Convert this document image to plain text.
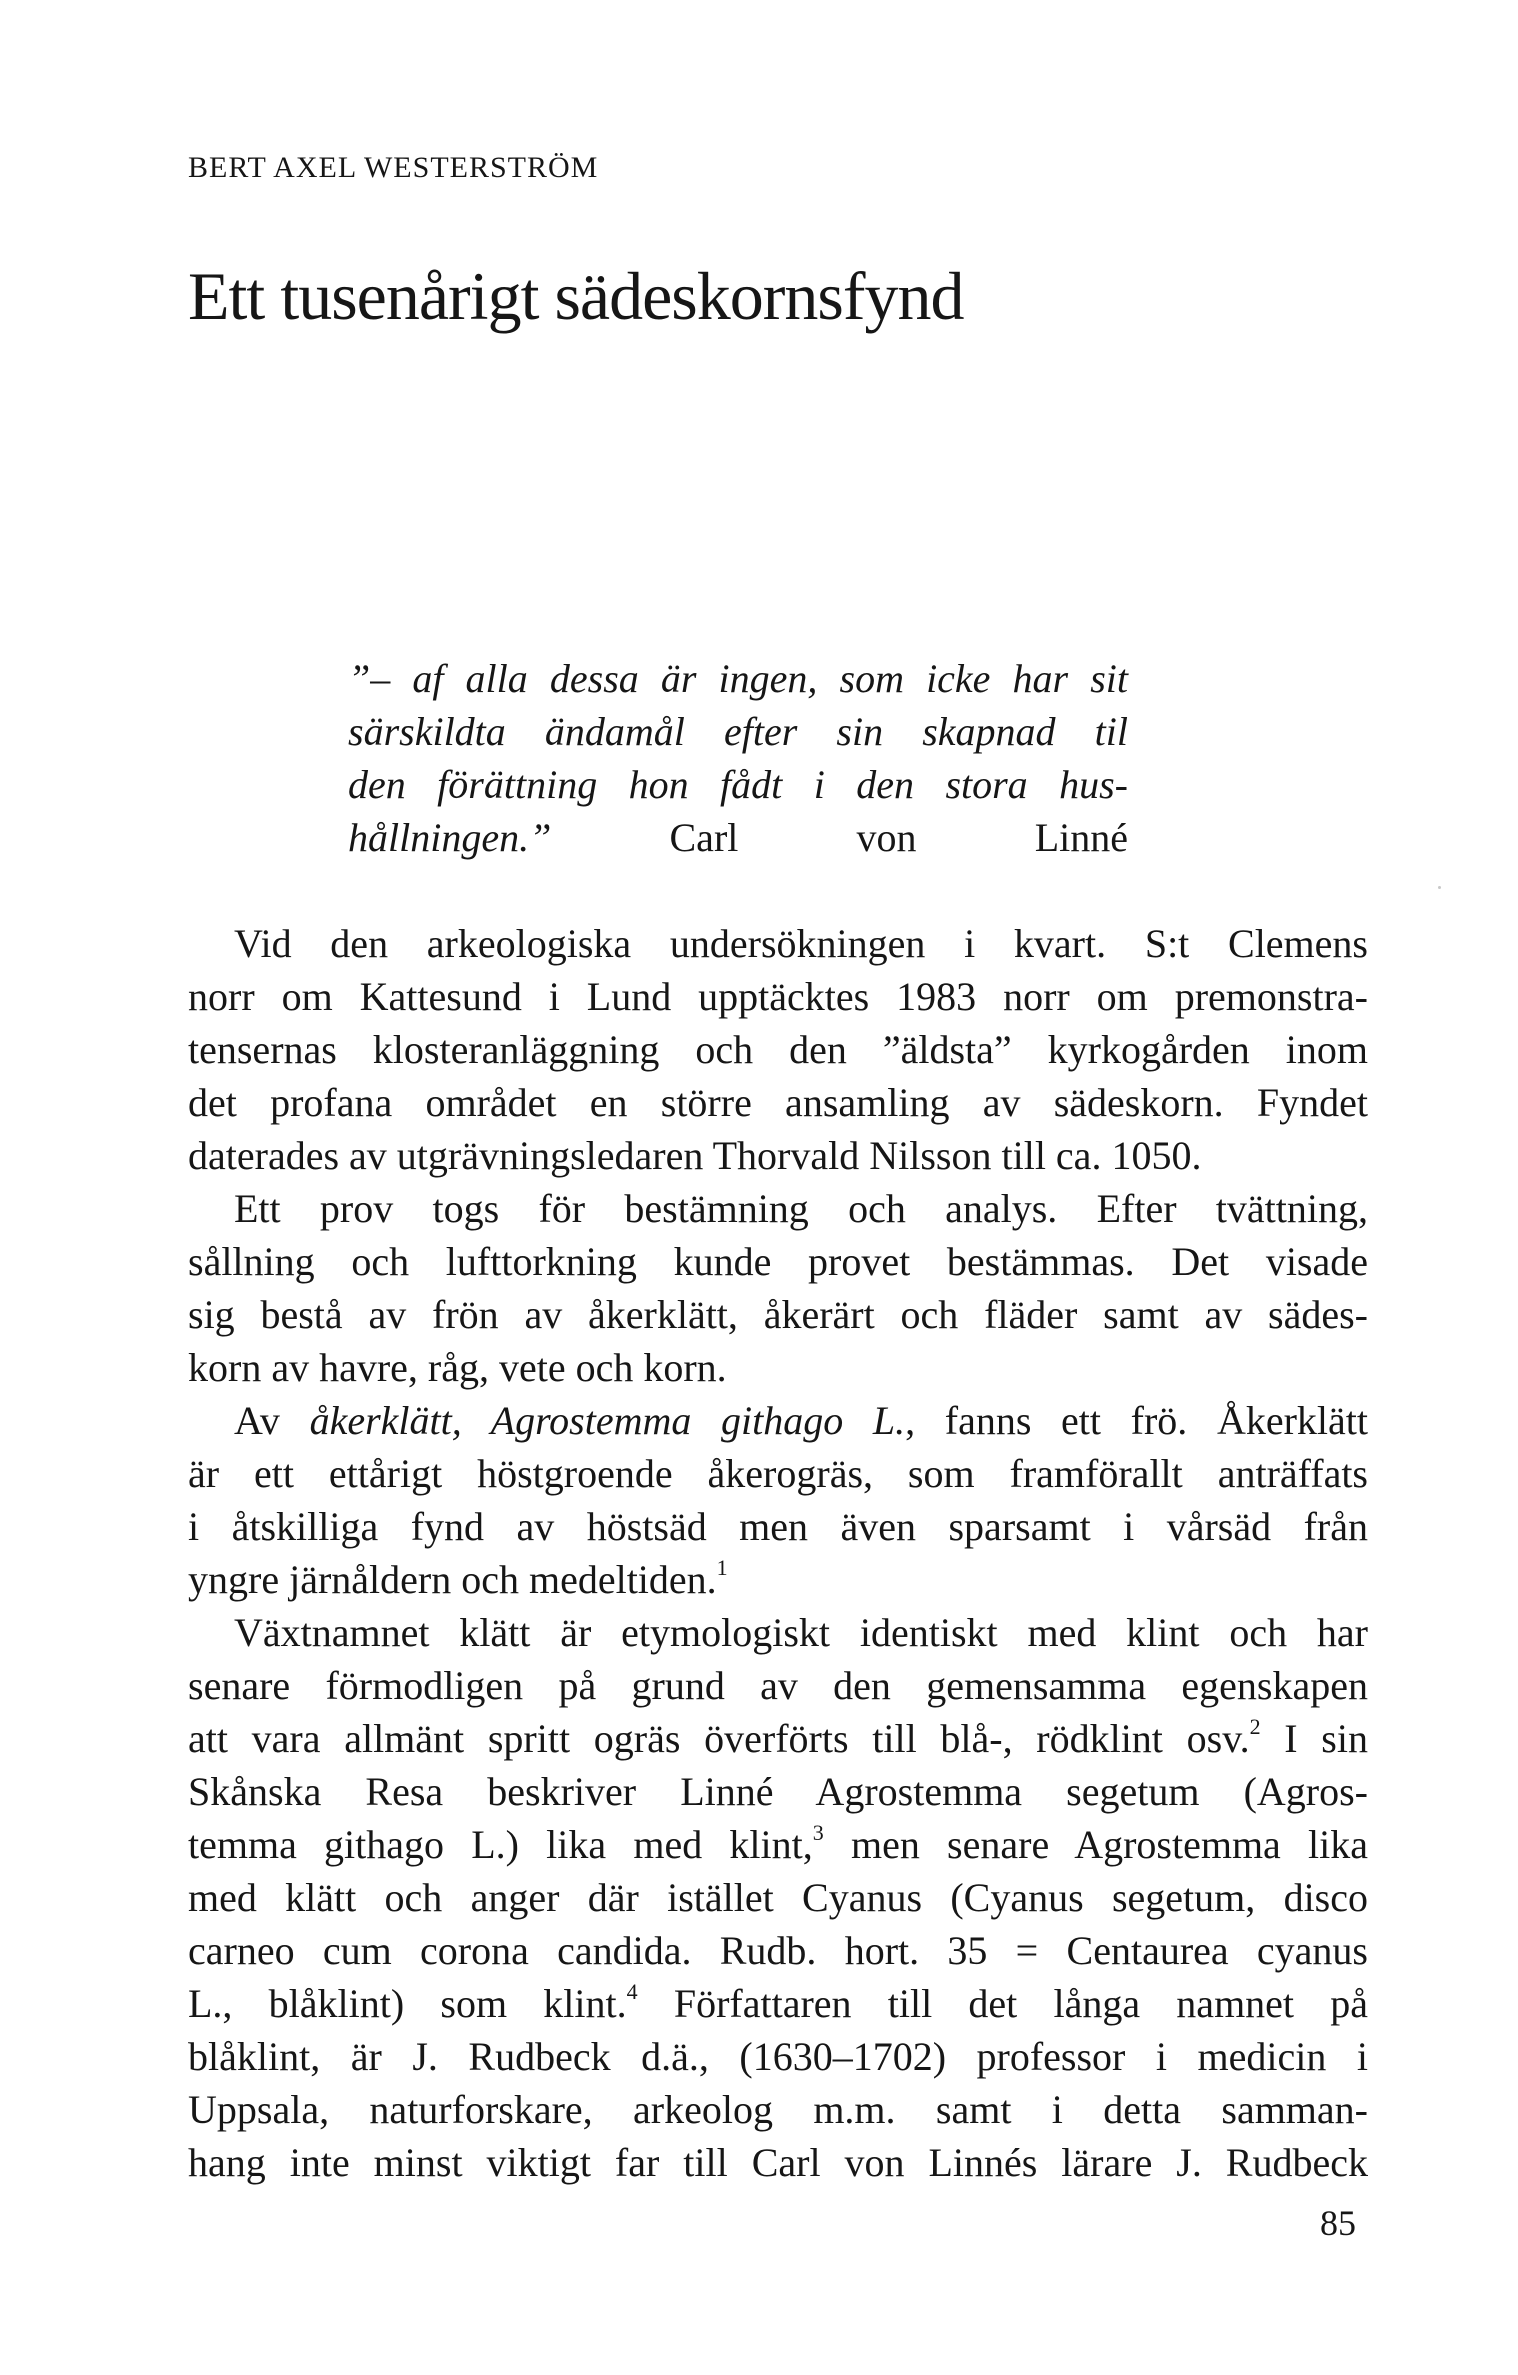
BERT AXEL WESTERSTRÖM
Ett tusenårigt sädeskornsfynd
”– af alla dessa är ingen, som icke har sit
särskildta ändamål efter sin skapnad til
den förättning hon fådt i den stora hus-
hållningen.” Carl von Linné
Vid den arkeologiska undersökningen i kvart. S:t Clemens
norr om Kattesund i Lund upptäcktes 1983 norr om premonstra-
tensernas klosteranläggning och den ”äldsta” kyrkogården inom
det profana området en större ansamling av sädeskorn. Fyndet
daterades av utgrävningsledaren Thorvald Nilsson till ca. 1050.
Ett prov togs för bestämning och analys. Efter tvättning,
sållning och lufttorkning kunde provet bestämmas. Det visade
sig bestå av frön av åkerklätt, åkerärt och fläder samt av sädes-
korn av havre, råg, vete och korn.
Av åkerklätt, Agrostemma githago L., fanns ett frö. Åkerklätt
är ett ettårigt höstgroende åkerogräs, som framförallt anträffats
i åtskilliga fynd av höstsäd men även sparsamt i vårsäd från
yngre järnåldern och medeltiden.$^1$
Växtnamnet klätt är etymologiskt identiskt med klint och har
senare förmodligen på grund av den gemensamma egenskapen
att vara allmänt spritt ogräs överförts till blå-, rödklint osv.$^2$ I sin
Skånska Resa beskriver Linné Agrostemma segetum (Agros-
temma githago L.) lika med klint,$^3$ men senare Agrostemma lika
med klätt och anger där istället Cyanus (Cyanus segetum, disco
carneo cum corona candida. Rudb. hort. 35 = Centaurea cyanus
L., blåklint) som klint.$^4$ Författaren till det långa namnet på
blåklint, är J. Rudbeck d.ä., (1630–1702) professor i medicin i
Uppsala, naturforskare, arkeolog m.m. samt i detta samman-
hang inte minst viktigt far till Carl von Linnés lärare J. Rudbeck
85
